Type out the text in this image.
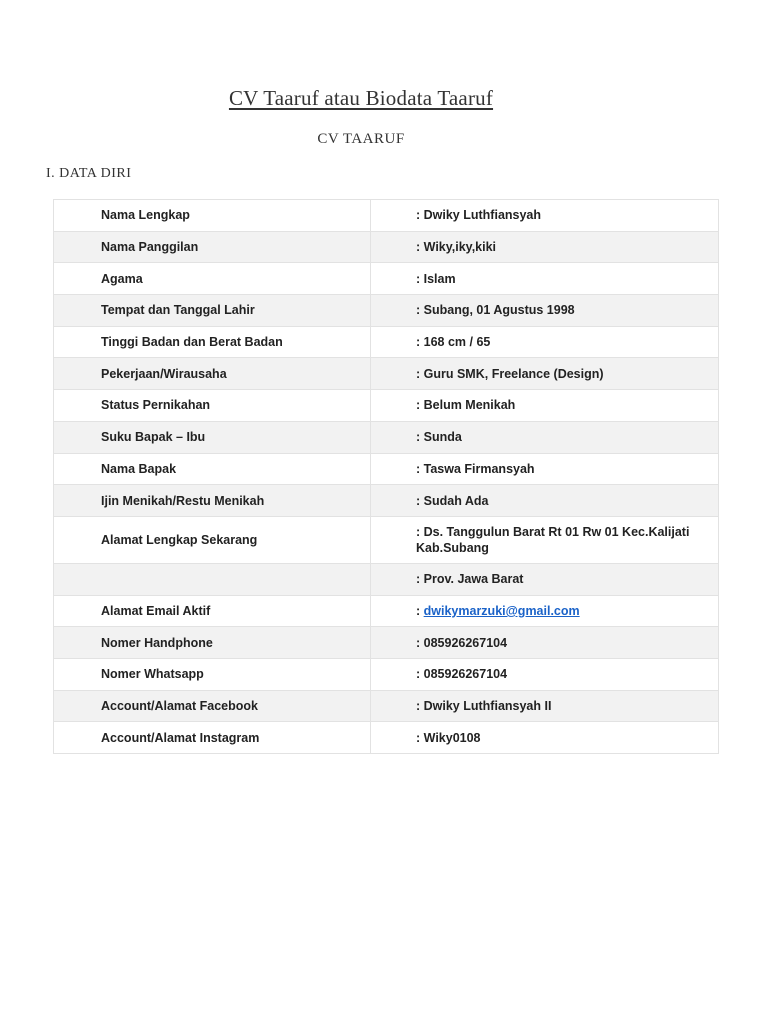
CV Taaruf atau Biodata Taaruf
CV TAARUF
I. DATA DIRI
Nama Lengkap	: Dwiky Luthfiansyah
Nama Panggilan	: Wiky,iky,kiki
Agama	: Islam
Tempat dan Tanggal Lahir	: Subang, 01 Agustus 1998
Tinggi Badan dan Berat Badan	: 168 cm / 65
Pekerjaan/Wirausaha	: Guru SMK, Freelance (Design)
Status Pernikahan	: Belum Menikah
Suku Bapak – Ibu	: Sunda
Nama Bapak	: Taswa Firmansyah
Ijin Menikah/Restu Menikah	: Sudah Ada
Alamat Lengkap Sekarang	: Ds. Tanggulun Barat Rt 01 Rw 01 Kec.Kalijati Kab.Subang
	: Prov. Jawa Barat
Alamat Email Aktif	: dwikymarzuki@gmail.com
Nomer Handphone	: 085926267104
Nomer Whatsapp	: 085926267104
Account/Alamat Facebook	: Dwiky Luthfiansyah II
Account/Alamat Instagram	: Wiky0108
